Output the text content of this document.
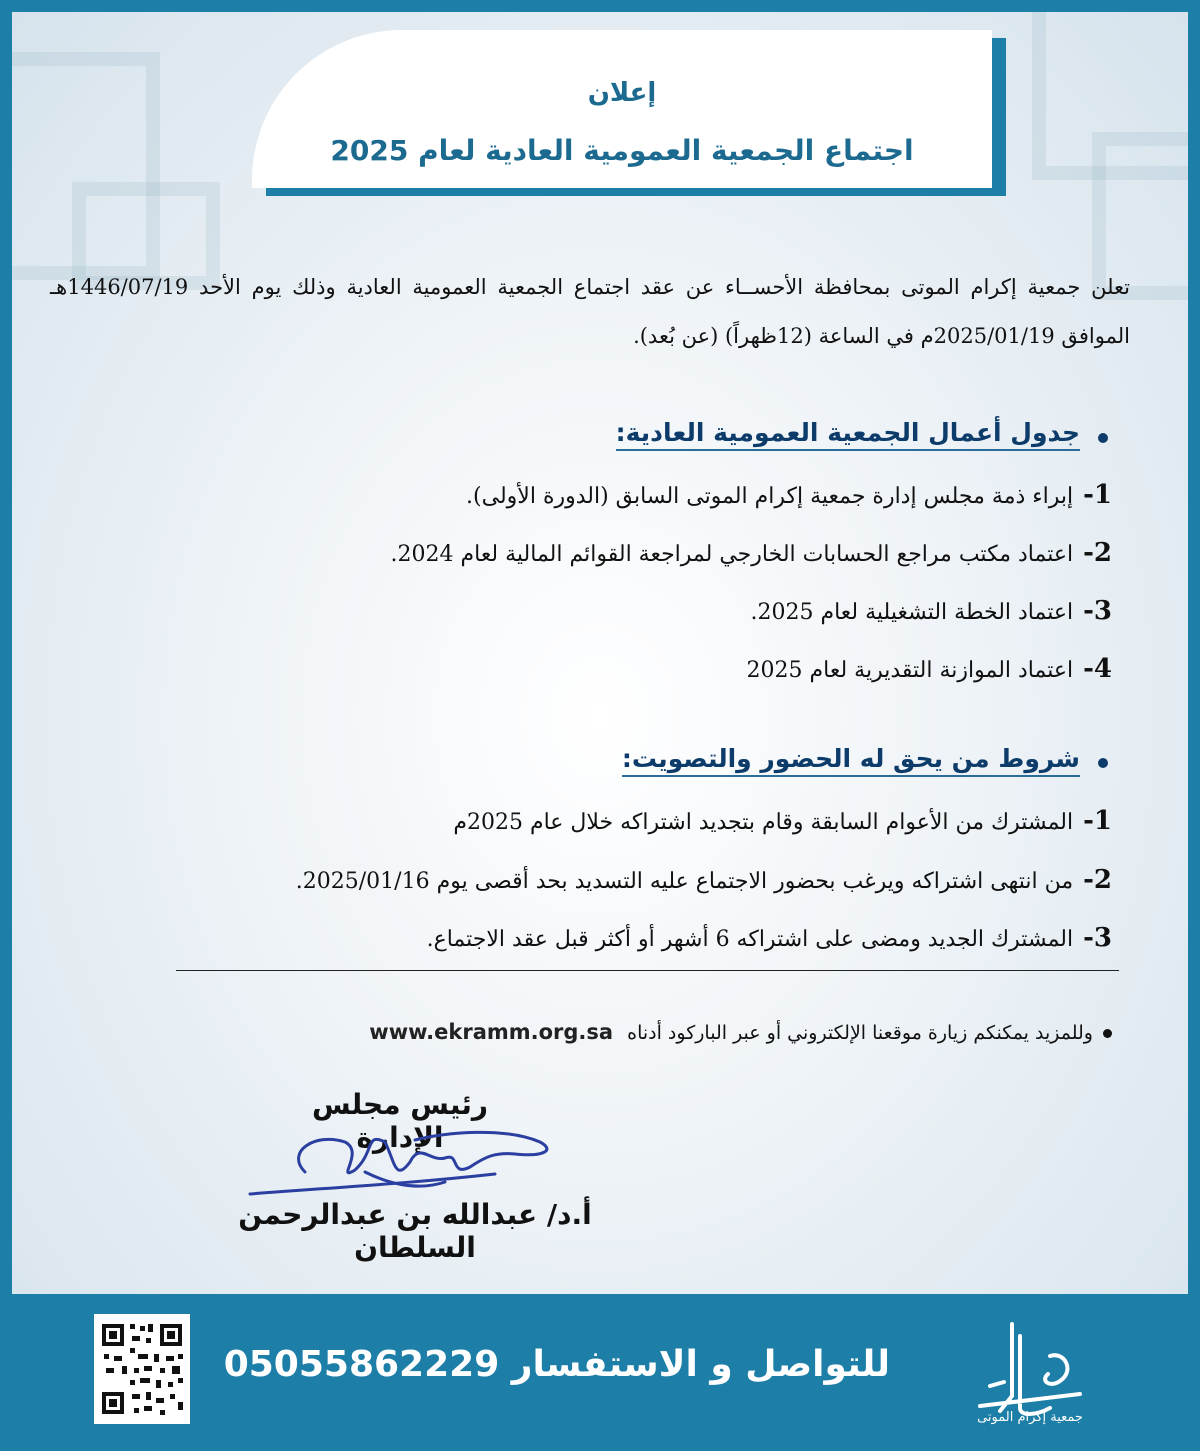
إعلان
اجتماع الجمعية العمومية العادية لعام 2025
تعلن جمعية إكرام الموتى بمحافظة الأحســاء عن عقد اجتماع الجمعية العمومية العادية وذلك يوم الأحد 1446/07/19هـ الموافق 2025/01/19م في الساعة (12ظهراً) (عن بُعد).
جدول أعمال الجمعية العمومية العادية:
1-إبراء ذمة مجلس إدارة جمعية إكرام الموتى السابق (الدورة الأولى).
2-اعتماد مكتب مراجع الحسابات الخارجي لمراجعة القوائم المالية لعام 2024.
3-اعتماد الخطة التشغيلية لعام 2025.
4-اعتماد الموازنة التقديرية لعام 2025
شروط من يحق له الحضور والتصويت:
1-المشترك من الأعوام السابقة وقام بتجديد اشتراكه خلال عام 2025م
2-من انتهى اشتراكه ويرغب بحضور الاجتماع عليه التسديد بحد أقصى يوم 2025/01/16.
3-المشترك الجديد ومضى على اشتراكه 6 أشهر أو أكثر قبل عقد الاجتماع.
وللمزيد يمكنكم زيارة موقعنا الإلكتروني أو عبر الباركود أدناه www.ekramm.org.sa
رئيس مجلس الإدارة
أ.د/ عبدالله بن عبدالرحمن السلطان
للتواصل و الاستفسار 05055862229
جمعية إكرام الموتى
